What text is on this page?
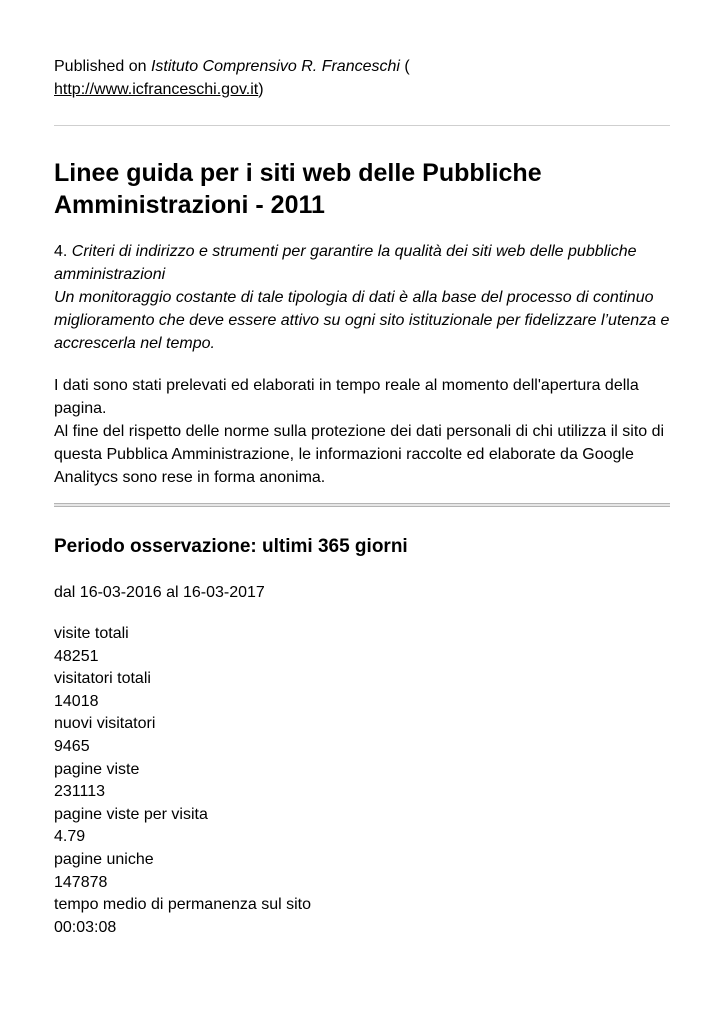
Published on Istituto Comprensivo R. Franceschi (
http://www.icfranceschi.gov.it)

Linee guida per i siti web delle Pubbliche Amministrazioni - 2011

4. Criteri di indirizzo e strumenti per garantire la qualità dei siti web delle pubbliche amministrazioni
Un monitoraggio costante di tale tipologia di dati è alla base del processo di continuo miglioramento che deve essere attivo su ogni sito istituzionale per fidelizzare l’utenza e accrescerla nel tempo.

I dati sono stati prelevati ed elaborati in tempo reale al momento dell'apertura della pagina.
Al fine del rispetto delle norme sulla protezione dei dati personali di chi utilizza il sito di questa Pubblica Amministrazione, le informazioni raccolte ed elaborate da Google Analitycs sono rese in forma anonima.

Periodo osservazione: ultimi 365 giorni
dal 16-03-2016 al 16-03-2017
visite totali
48251
visitatori totali
14018
nuovi visitatori
9465
pagine viste
231113
pagine viste per visita
4.79
pagine uniche
147878
tempo medio di permanenza sul sito
00:03:08
